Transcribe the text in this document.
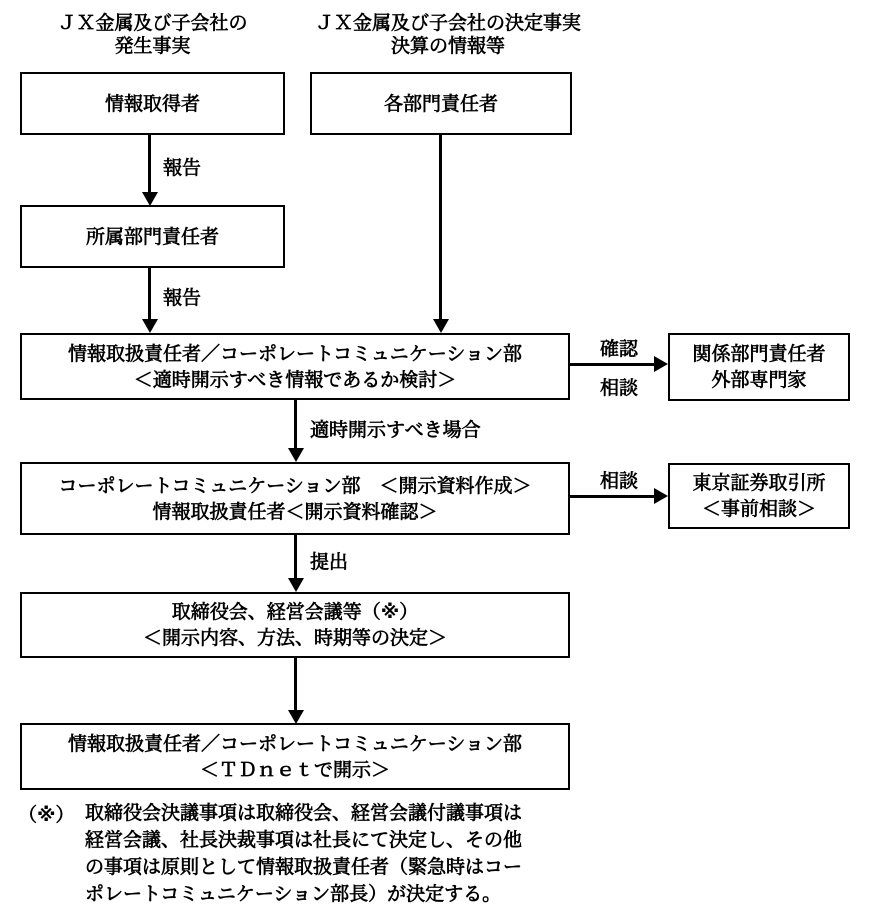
ＪＸ金属及び子会社の
発生事実
ＪＸ金属及び子会社の決定事実
決算の情報等
情報取得者	各部門責任者
報告
所属部門責任者
報告
情報取扱責任者／コーポレートコミュニケーション部
＜適時開示すべき情報であるか検討＞
確認
相談
関係部門責任者
外部専門家
適時開示すべき場合
コーポレートコミュニケーション部　＜開示資料作成＞
情報取扱責任者＜開示資料確認＞
相談	東京証券取引所
＜事前相談＞
提出
取締役会、経営会議等（※）
＜開示内容、方法、時期等の決定＞
情報取扱責任者／コーポレートコミュニケーション部
＜ＴＤｎｅｔで開示＞
（※） 取締役会決議事項は取締役会、経営会議付議事項は
経営会議、社長決裁事項は社長にて決定し、その他
の事項は原則として情報取扱責任者（緊急時はコー
ポレートコミュニケーション部長）が決定する。
